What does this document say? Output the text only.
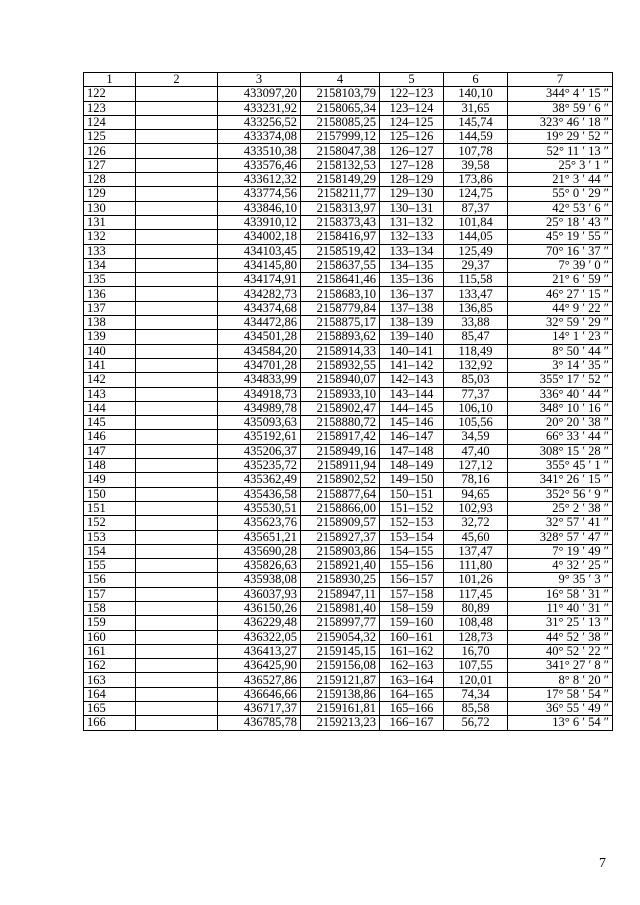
1	2	3	4	5	6	7
122		433097,20	2158103,79	122–123	140,10	344° 4 ′ 15 ″
123		433231,92	2158065,34	123–124	31,65	38° 59 ′ 6 ″
124		433256,52	2158085,25	124–125	145,74	323° 46 ′ 18 ″
125		433374,08	2157999,12	125–126	144,59	19° 29 ′ 52 ″
126		433510,38	2158047,38	126–127	107,78	52° 11 ′ 13 ″
127		433576,46	2158132,53	127–128	39,58	25° 3 ′ 1 ″
128		433612,32	2158149,29	128–129	173,86	21° 3 ′ 44 ″
129		433774,56	2158211,77	129–130	124,75	55° 0 ′ 29 ″
130		433846,10	2158313,97	130–131	87,37	42° 53 ′ 6 ″
131		433910,12	2158373,43	131–132	101,84	25° 18 ′ 43 ″
132		434002,18	2158416,97	132–133	144,05	45° 19 ′ 55 ″
133		434103,45	2158519,42	133–134	125,49	70° 16 ′ 37 ″
134		434145,80	2158637,55	134–135	29,37	7° 39 ′ 0 ″
135		434174,91	2158641,46	135–136	115,58	21° 6 ′ 59 ″
136		434282,73	2158683,10	136–137	133,47	46° 27 ′ 15 ″
137		434374,68	2158779,84	137–138	136,85	44° 9 ′ 22 ″
138		434472,86	2158875,17	138–139	33,88	32° 59 ′ 29 ″
139		434501,28	2158893,62	139–140	85,47	14° 1 ′ 23 ″
140		434584,20	2158914,33	140–141	118,49	8° 50 ′ 44 ″
141		434701,28	2158932,55	141–142	132,92	3° 14 ′ 35 ″
142		434833,99	2158940,07	142–143	85,03	355° 17 ′ 52 ″
143		434918,73	2158933,10	143–144	77,37	336° 40 ′ 44 ″
144		434989,78	2158902,47	144–145	106,10	348° 10 ′ 16 ″
145		435093,63	2158880,72	145–146	105,56	20° 20 ′ 38 ″
146		435192,61	2158917,42	146–147	34,59	66° 33 ′ 44 ″
147		435206,37	2158949,16	147–148	47,40	308° 15 ′ 28 ″
148		435235,72	2158911,94	148–149	127,12	355° 45 ′ 1 ″
149		435362,49	2158902,52	149–150	78,16	341° 26 ′ 15 ″
150		435436,58	2158877,64	150–151	94,65	352° 56 ′ 9 ″
151		435530,51	2158866,00	151–152	102,93	25° 2 ′ 38 ″
152		435623,76	2158909,57	152–153	32,72	32° 57 ′ 41 ″
153		435651,21	2158927,37	153–154	45,60	328° 57 ′ 47 ″
154		435690,28	2158903,86	154–155	137,47	7° 19 ′ 49 ″
155		435826,63	2158921,40	155–156	111,80	4° 32 ′ 25 ″
156		435938,08	2158930,25	156–157	101,26	9° 35 ′ 3 ″
157		436037,93	2158947,11	157–158	117,45	16° 58 ′ 31 ″
158		436150,26	2158981,40	158–159	80,89	11° 40 ′ 31 ″
159		436229,48	2158997,77	159–160	108,48	31° 25 ′ 13 ″
160		436322,05	2159054,32	160–161	128,73	44° 52 ′ 38 ″
161		436413,27	2159145,15	161–162	16,70	40° 52 ′ 22 ″
162		436425,90	2159156,08	162–163	107,55	341° 27 ′ 8 ″
163		436527,86	2159121,87	163–164	120,01	8° 8 ′ 20 ″
164		436646,66	2159138,86	164–165	74,34	17° 58 ′ 54 ″
165		436717,37	2159161,81	165–166	85,58	36° 55 ′ 49 ″
166		436785,78	2159213,23	166–167	56,72	13° 6 ′ 54 ″
7
